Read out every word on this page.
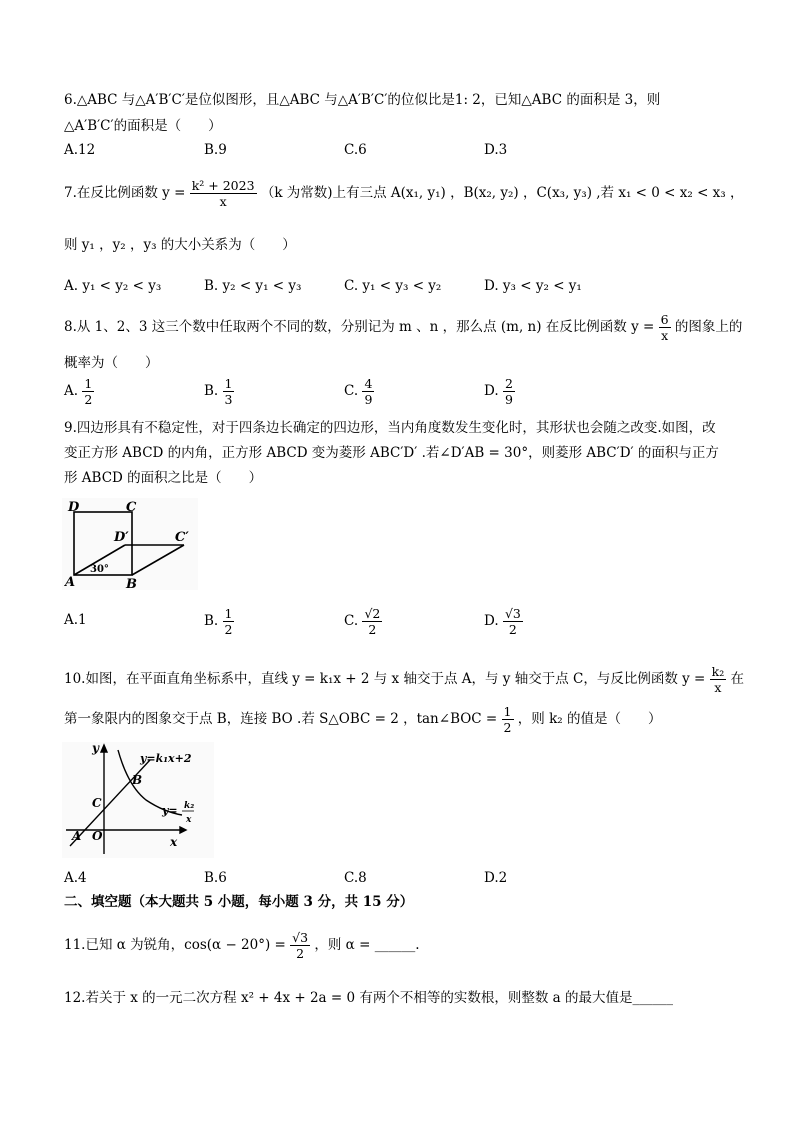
6.△ABC 与△A′B′C′是位似图形，且△ABC 与△A′B′C′的位似比是1: 2，已知△ABC 的面积是 3，则
△A′B′C′的面积是（　　）
A.12	B.9	C.6	D.3
7.在反比例函数 $y = \frac{\text{k² + 2023}}{x} (k$ 为常数)上有三点 A(x₁, y₁) ，B(x₂, y₂) ，C(x₃, y₃) ,若 x₁ < 0 < x₂ < x₃ ，
则 y₁ ，y₂ ，y₃ 的大小关系为（　　）
A. y₁ < y₂ < y₃	B. y₂ < y₁ < y₃	C. y₁ < y₃ < y₂	D. y₃ < y₂ < y₁
8.从 1、2、3 这三个数中任取两个不同的数，分别记为 m 、n ，那么点 (m, n) 在反比例函数 $y = \frac{6}{x}$ 的图象上的
概率为（　　）
A. $\frac{1}{2}$	B. $\frac{1}{3}$	C. $\frac{4}{9}$	D. $\frac{2}{9}$
9.四边形具有不稳定性，对于四条边长确定的四边形，当内角度数发生变化时，其形状也会随之改变.如图，改
变正方形 ABCD 的内角，正方形 ABCD 变为菱形 ABC′D′ .若∠D′AB = 30°，则菱形 ABC′D′ 的面积与正方
形 ABCD 的面积之比是（　　）
D	C
D′	C′
A	B
30°
A.1	B. $\frac{1}{2}$	C. $\frac{√2}{2}$	D. $\frac{√3}{2}$
10.如图，在平面直角坐标系中，直线 y = k₁x + 2 与 x 轴交于点 A，与 y 轴交于点 C，与反比例函数 $y = \frac{\text{k₂}}{x}$ 在
第一象限内的图象交于点 B，连接 BO .若 S△OBC = 2 ，tan∠BOC = $\frac{1}{2}$ ，则 k₂ 的值是（　　）
y
x
O
A
C
B
y=k₁x+2
y= k₂
x
A.4	B.6	C.8	D.2
二、填空题（本大题共 5 小题，每小题 3 分，共 15 分）
11.已知 α 为锐角，$\cos(\alpha - 20^\circ) = \frac{√3}{2}$ ，则 α = ______.
12.若关于 x 的一元二次方程 x² + 4x + 2a = 0 有两个不相等的实数根，则整数 a 的最大值是______
